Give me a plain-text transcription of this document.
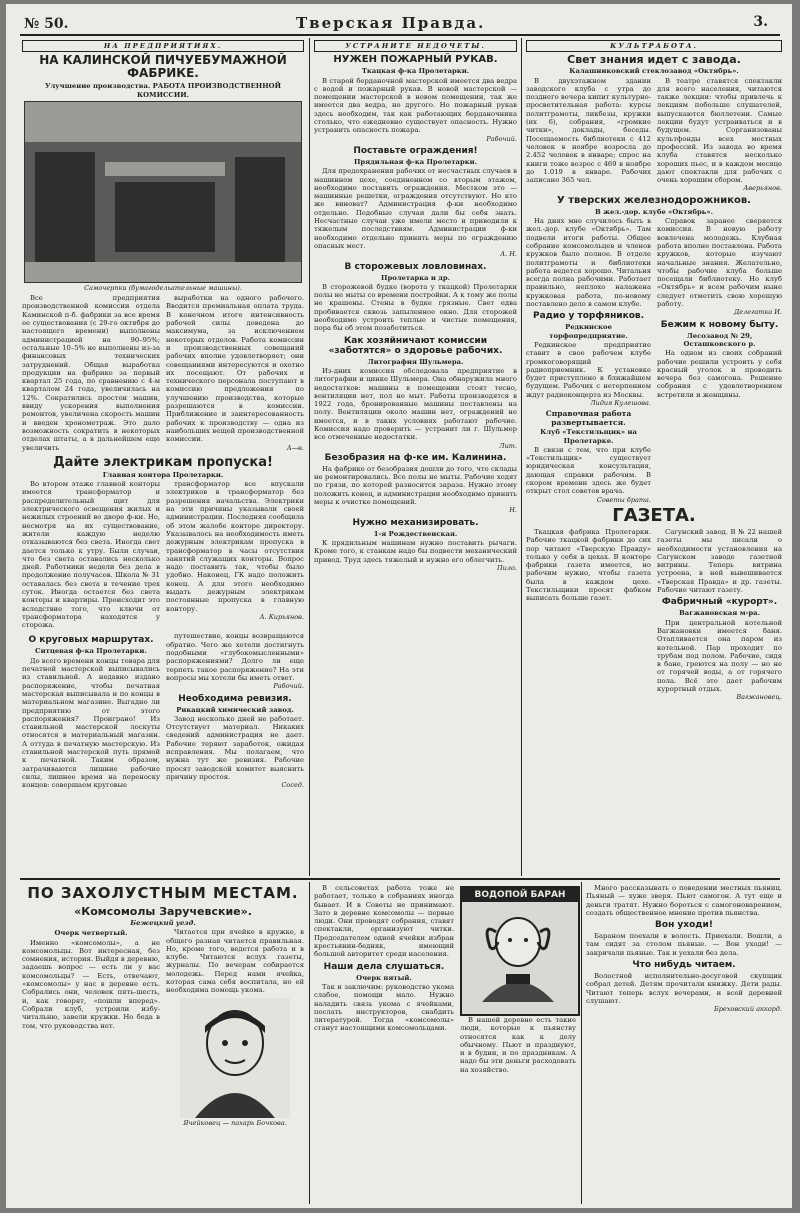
№ 50.	Тверская Правда.	3.
НА ПРЕДПРИЯТИЯХ.
НА КАЛИНСКОЙ ПИЧУЕБУМАЖНОЙ ФАБРИКЕ.
Улучшение производства. РАБОТА ПРОИЗВОДСТВЕННОЙ КОМИССИИ.
Самочерпки (бумагодельательные машины).

Все предприятия производственной комиссии отдела Каминской п-б. фабрики за все время ее существования (с 29-го октября до настоящего времени) выполнены администрацией на 90–95%; остальные 10–5% не выполнены из-за финансовых технических затруднений. Общая выработка продукции на фабрике за первый квартал 25 года, по сравнению с 4-м кварталом 24 года, увеличилась на 12%. Сократились простои машин, ввиду ускорения выполнения ремонтов, увеличена скорость машин и введен хронометраж. Это дало возможность сократить в некоторых отделах штаты, а в дальнейшем еще увеличить

выработки на одного рабочего. Вводится премиальная оплата труда. В конечном итоге интенсивность рабочей силы доведена до максимума, за исключением некоторых отделов. Работа комиссии и производственных совещаний рабочих вполне удовлетворяет; они совещаниями интересуются и охотно их посещают. От рабочих и технического персонала поступают в комиссию предложения по улучшению производства, которые разрешаются в комиссии. Приближение и заинтересованность рабочих к производству — одна из наибольших вещей производственной комиссии.

А—в.
Дайте электрикам пропуска!
Главная контора Пролетарки.

Во втором этаже главной конторы имеется трансформатор и распределительный щит для электрического освещения жилых и нежилых строений во дворе ф-ки. Но, несмотря на их существование, жители каждую неделю отказываются без света. Иногда свет дается только к утру. Были случаи, что без света оставались несколько дней. Работники недели без дела в продолжение получасов. Школа № 31 оставалась без света в течение трех суток. Иногда остается без света конторы и квартиры. Происходит это вследствие того, что ключи от трансформатора находятся у сторожа.

трансформатор все впускали электриков в трансформатор без разрешения начальства. Электрики на эти причины указывали своей администрации. Последняя сообщила об этом жалобе конторе директору. Указывалось на необходимость иметь дежурным электрикам пропуска в трансформатор в часы отсутствия занятий служащих конторы. Вопрос надо поставить так, чтобы было удобно. Наконец, ГК надо положить конец. А для этого необходимо выдать дежурным электрикам постоянные пропуска в главную контору.

А. Кирьянов.
О круговых маршрутах.
Ситцевая ф-ка Пролетарки.

До всего времени концы товара для печатной мастерской выписывались из ставильной. А недавно издано распоряжение, чтобы печатная мастерская выписывала и по концы в материальном магазине. Выгадно ли предприятию от этого распоряжения? Проиграно! Из ставильной мастерской лоскуты относятся в материальный магазин. А оттуда в печатную мастерскую. Из ставильной мастерской путь прямой к печатной. Таким образом, затрачиваются лишние рабочие силы, лишнее время на переноску концов: совершаем круговые

путешествие, концы возвращаются обратно. Чего же хотели достигнуть подобными «глубокомысленными» распоряжениями? Долго ли еще терпеть такое распоряжение? На эти вопросы мы хотели бы иметь ответ.

Рабочий.
Необходима ревизия.
Рикацкий химический завод.

Завод несколько дней не работает. Отсутствует материал. Никаких сведений администрация не дает. Рабочие теряют заработок, ожидая исправления. Мы полагаем, что нужна тут же ревизия. Рабочие просят заводской комитет выяснить причину простоя.

Сосед.
УСТРАНИТЕ НЕДОЧЕТЫ.
НУЖЕН ПОЖАРНЫЙ РУКАВ.
Ткацкая ф-ка Пролетарки.

В старой берданочной мастерской имеется два ведра с водой и пожарный рукав. В новой мастерской — помещении мастерской в новом помещении, так же имеется два ведра, но другого. Но пожарный рукав здесь необходим, так как работающих берданочника столько, что ежедневно существует опасность. Нужно устранить опасность пожара.

Рабочий.
Поставьте ограждения!
Прядильная ф-ка Пролетарки.

Для предохранения рабочих от несчастных случаев в машинном цехе, соединенном со вторым этажом, необходимо поставить ограждения. Местком это — машинные решетки, ограждения отсутствуют. Но кто же виноват? Администрация ф-ки необходимо отдельно. Подобные случаи дали бы себя знать. Несчастные случаи уже имели место и приводили к тяжелым последствиям. Администрации ф-ки необходимо отдельно принять меры по ограждению опасных мест.

А. Н.
В сторожевых ловловинах.
Пролетарка и др.

В сторожевой будке (ворота у ткацкой) Пролетарки полы не мыты со времени постройки. А к тому же полы не крашены. Стены в будке грязные. Свет едва пробивается сквозь запыленное окно. Для сторожей необходимо устроить теплые и чистые помещения, пора бы об этом позаботиться.

Как хозяйничают комиссии «заботятся» о здоровье рабочих.
Литография Шульмера.

Из-дних комиссия обследовала предприятие в литографии и цинке Шульмера. Она обнаружила много недостатков: машины в помещении стоят тесно, вентиляции нет, пол не мыт. Работы производятся в 1922 года, бронированные машины поставлены на полу. Вентиляции около машин нет, ограждений не имеется, и в таких условиях работают рабочие. Комиссия надо проверить — устранит ли г. Шульмер все отмеченные недостатки.

Лит.
Безобразия на ф-ке им. Калинина.

На фабрике от безобразия дошли до того, что склады не ремонтировались. Все полы не мыты. Рабочие ходят по грязи, по которой разносится зараза. Нужно этому положить конец, и администрации необходимо принять меры к очистке помещений.

Н.
Нужно механизировать.
1-я Рождественская.

К прядильным машинам нужно поставить рычаги. Кроме того, к станкам надо бы подвести механический привод. Труд здесь тяжелый и нужно его облегчить.

Пило.
КУЛЬТРАБОТА.
Свет знания идет с завода.
Калашниковский стеклозавод «Октябрь».

В двухэтажном здании заводского клуба с утра до позднего вечера кипит культурно-просветительная работа: курсы политграмоты, ликбезы, кружки (их 6), собрания, «громкие читки», доклады, беседы. Посещаемость библиотеки с 412 человек в ноябре возросла до 2.452 человек в январе; спрос на книги тоже возрос с 469 в ноябре до 1.019 в январе. Рабочих записано 365 чел.

В театре ставятся спектакли для всего населения, читаются также лекции: чтобы привлечь к лекциям побольше слушателей, выпускаются бюллетени. Самые лекции будут устраиваться и в будущем. Сорганизованы культфонды всех местных профессий. Из завода во время клуба ставятся несколько хороших пьес, и в каждом месяце дают спектакли для рабочих с очень хорошим сбором.

Аверьянов.
У тверских железнодорожников.
В жел.-дор. клубе «Октябрь».

На днях мне случилось быть в жел.-дор. клубе «Октябрь». Там подвели итоги работы. Общее собрание комсомольцев и членов кружков было полное. В отделе политграмоты и библиотеки работа ведется хорошо. Читальня всегда полна рабочими. Работает правильно, неплохо налажена кружковая работа, по-новому поставлено дело в самом клубе.

Радио у торфяников.
Редкинское торфопредприятие.

Редкинское предприятие ставит в свое рабочем клубе громкоговорящий радиоприемник. К установке будет приступлено в ближайшем будущем. Рабочих с нетерпением ждут радиоконцерта из Москвы.

Лидия Кулешова.
Справочная работа развертывается.
Клуб «Текстильщик» на Пролетарке.

В связи с тем, что при клубе «Текстильщик» существует юридическая консультация, дающая справки рабочим. В скором времени здесь же будет открыт стол советов врача.

Советы брата.

Справок заранее сверяется комиссия. В новую работу вовлечена молодежь. Клубная работа вполне поставлена. Работа кружков, которые изучают начальные знания. Желательно, чтобы рабочие клуба больше посещали библиотеку. Но клуб «Октябрь» и всем рабочим ныне следует отметить свою хорошую работу.

Делегатка И.
Бежим к новому быту.
Лесозавод № 29, Осташковского р.

На одном из своих собраний рабочие решили устроить у себя красный уголок и проводить вечера без самогона. Решение собрания с удовлетворением встретили и женщины.

ГАЗЕТА.

Ткацкая фабрика Пролетарки. Рабочие ткацкой фабрики до сих пор читают «Тверскую Правду» только у себя в цехах. В конторе фабрики газета имеется, но рабочим нужно, чтобы газета была в каждом цехе. Текстильщики просят фабком выписать больше газет.

Сагунский завод. В № 22 нашей газеты мы писали о необходимости установления на Сагунском заводе газетной витрины. Теперь витрина устроена, в ней вывешивается «Тверская Правда» и др. газеты. Рабочие читают газету.

Фабричный «курорт».
Вагжановская м-ра.

При центральной котельной Вагжановки имеется баня. Отапливается она паром из котельной. Пар проходит по трубам под полом. Рабочие, сидя в бане, греются на полу — но не от горячей воды, а от горячего пола. Всё это дает рабочим курортный отдых.

Вагжановец.
ПО ЗАХОЛУСТНЫМ МЕСТАМ.
«Комсомолы Заручевские».
Бежецкий уезд.
Очерк четвертый.

Именно «комсомолы», а не комсомольцы. Вот интересная, без сомнения, история. Выйдя в деревню, задаешь вопрос — есть ли у вас комсомольцы? — Есть, отвечают, «комсомолы» у нас в деревне есть. Собрались они, человек пять-шесть, и, как говорят, «пошли вперед». Собрали клуб, устроили избу-читальню, завели кружки. Но беда в том, что руководства нет.

Читается при ячейке в кружке, в общего разная читается правильная. Но, кроме того, ведется работа и в клубе. Читаются вслух газеты, журналы. По вечерам собирается молодежь. Перед нами ячейка, которая сама себя воспитала, но ей необходима помощь укома.

Ячейковец — пахарь Бочкова.

В сельсоветах работа тоже не работает, только в собраниях иногда бывает. И в Советы не принимают. Зато в деревне комсомолы — первые люди. Они проводят собрания, ставят спектакли, организуют читки. Председателем одной ячейки избран крестьянин-бедняк, имеющий большой авторитет среди населения.

Наши дела слушаться.
Очерк пятый.

Так и заключим: руководство укома слабое, помощи мало. Нужно наладить связь укома с ячейками, послать инструкторов, снабдить литературой. Тогда «комсомолы» станут настоящими комсомольцами.

ВОДОПОЙ БАРАН

В нашей деревне есть такие люди, которые к пьянству относятся как к делу обычному. Пьют и празднуют, и в будни, и по праздникам. А надо бы эти деньги расходовать на хозяйство.

Много рассказывать о поведении местных пьяниц. Пьяный — хуже зверя. Пьют самогон. А тут еще и деньги тратят. Нужно бороться с самогоноварением, создать общественное мнение против пьянства.

Вон уходи!

Бараном поехали в волость. Приехали. Вошли, а там сидят за столом пьяные. — Вон уходи! — закричали пьяные. Так и уехали без дела.

Что нибудь читаем.

Волостной исполнительно-досуговой скупщик собрал детей. Детям прочитали книжку. Дети рады. Читают теперь вслух вечерами, и всей деревней слушают.

Бреховский аккорд.
